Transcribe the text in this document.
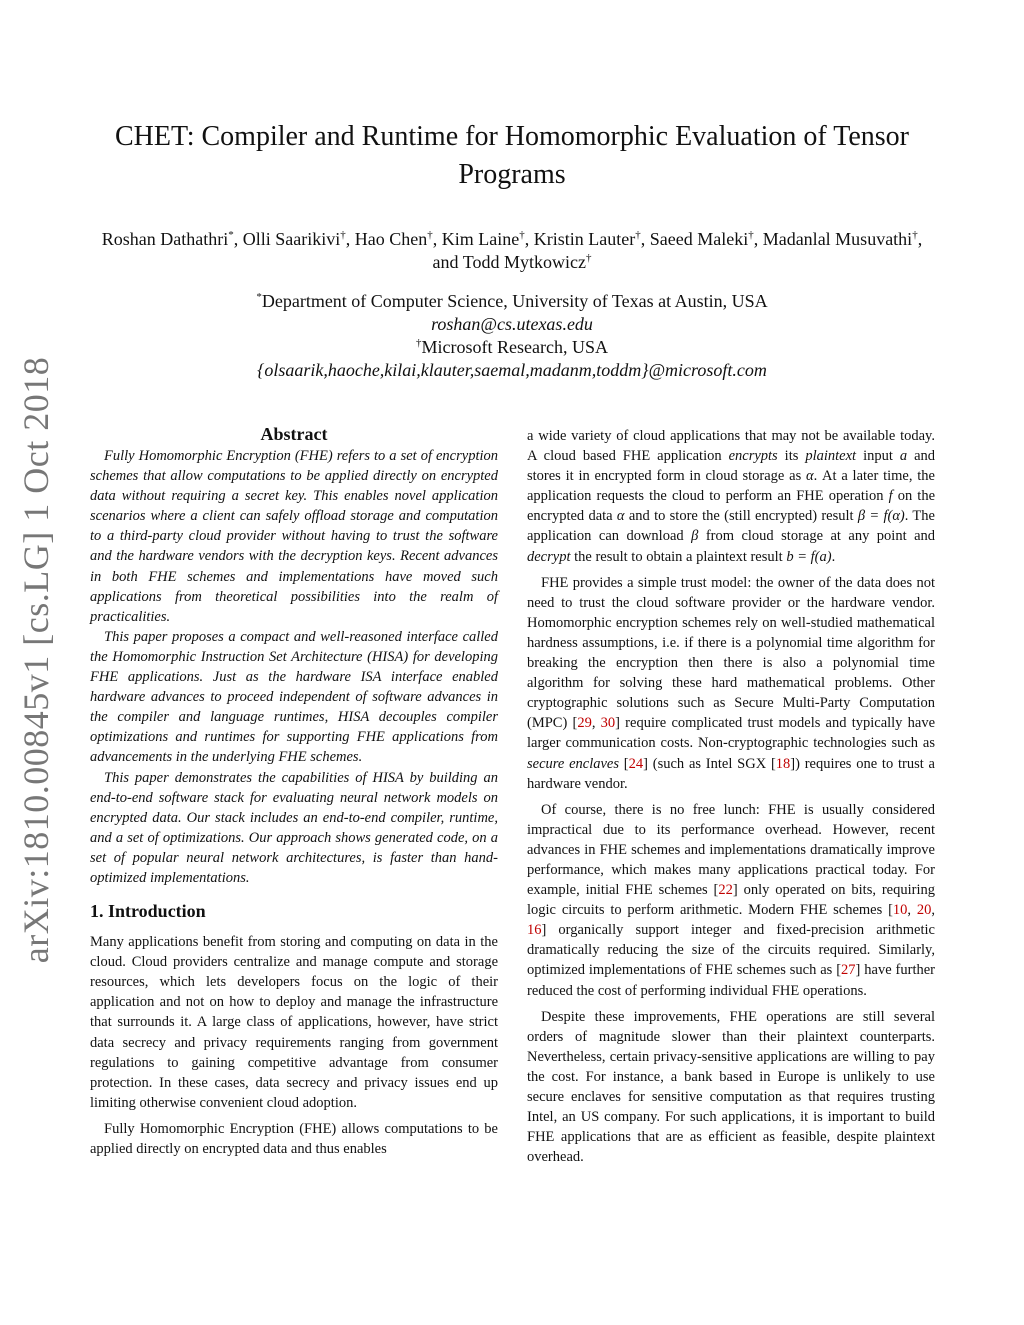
arXiv:1810.00845v1 [cs.LG] 1 Oct 2018
CHET: Compiler and Runtime for Homomorphic Evaluation of Tensor Programs
Roshan Dathathri*, Olli Saarikivi†, Hao Chen†, Kim Laine†, Kristin Lauter†, Saeed Maleki†, Madanlal Musuvathi†, and Todd Mytkowicz†
*Department of Computer Science, University of Texas at Austin, USA
roshan@cs.utexas.edu
†Microsoft Research, USA
{olsaarik,haoche,kilai,klauter,saemal,madanm,toddm}@microsoft.com
Abstract

Fully Homomorphic Encryption (FHE) refers to a set of encryption schemes that allow computations to be applied directly on encrypted data without requiring a secret key. This enables novel application scenarios where a client can safely offload storage and computation to a third-party cloud provider without having to trust the software and the hardware vendors with the decryption keys. Recent advances in both FHE schemes and implementations have moved such applications from theoretical possibilities into the realm of practicalities.

This paper proposes a compact and well-reasoned interface called the Homomorphic Instruction Set Architecture (HISA) for developing FHE applications. Just as the hardware ISA interface enabled hardware advances to proceed independent of software advances in the compiler and language runtimes, HISA decouples compiler optimizations and runtimes for supporting FHE applications from advancements in the underlying FHE schemes.

This paper demonstrates the capabilities of HISA by building an end-to-end software stack for evaluating neural network models on encrypted data. Our stack includes an end-to-end compiler, runtime, and a set of optimizations. Our approach shows generated code, on a set of popular neural network architectures, is faster than hand-optimized implementations.

1. Introduction

Many applications benefit from storing and computing on data in the cloud. Cloud providers centralize and manage compute and storage resources, which lets developers focus on the logic of their application and not on how to deploy and manage the infrastructure that surrounds it. A large class of applications, however, have strict data secrecy and privacy requirements ranging from government regulations to gaining competitive advantage from consumer protection. In these cases, data secrecy and privacy issues end up limiting otherwise convenient cloud adoption.

Fully Homomorphic Encryption (FHE) allows computations to be applied directly on encrypted data and thus enables

a wide variety of cloud applications that may not be available today. A cloud based FHE application encrypts its plaintext input a and stores it in encrypted form in cloud storage as α. At a later time, the application requests the cloud to perform an FHE operation f on the encrypted data α and to store the (still encrypted) result β = f(α). The application can download β from cloud storage at any point and decrypt the result to obtain a plaintext result b = f(a).

FHE provides a simple trust model: the owner of the data does not need to trust the cloud software provider or the hardware vendor. Homomorphic encryption schemes rely on well-studied mathematical hardness assumptions, i.e. if there is a polynomial time algorithm for breaking the encryption then there is also a polynomial time algorithm for solving these hard mathematical problems. Other cryptographic solutions such as Secure Multi-Party Computation (MPC) [29, 30] require complicated trust models and typically have larger communication costs. Non-cryptographic technologies such as secure enclaves [24] (such as Intel SGX [18]) requires one to trust a hardware vendor.

Of course, there is no free lunch: FHE is usually considered impractical due to its performance overhead. However, recent advances in FHE schemes and implementations dramatically improve performance, which makes many applications practical today. For example, initial FHE schemes [22] only operated on bits, requiring logic circuits to perform arithmetic. Modern FHE schemes [10, 20, 16] organically support integer and fixed-precision arithmetic dramatically reducing the size of the circuits required. Similarly, optimized implementations of FHE schemes such as [27] have further reduced the cost of performing individual FHE operations.

Despite these improvements, FHE operations are still several orders of magnitude slower than their plaintext counterparts. Nevertheless, certain privacy-sensitive applications are willing to pay the cost. For instance, a bank based in Europe is unlikely to use secure enclaves for sensitive computation as that requires trusting Intel, an US company. For such applications, it is important to build FHE applications that are as efficient as feasible, despite plaintext overhead.
